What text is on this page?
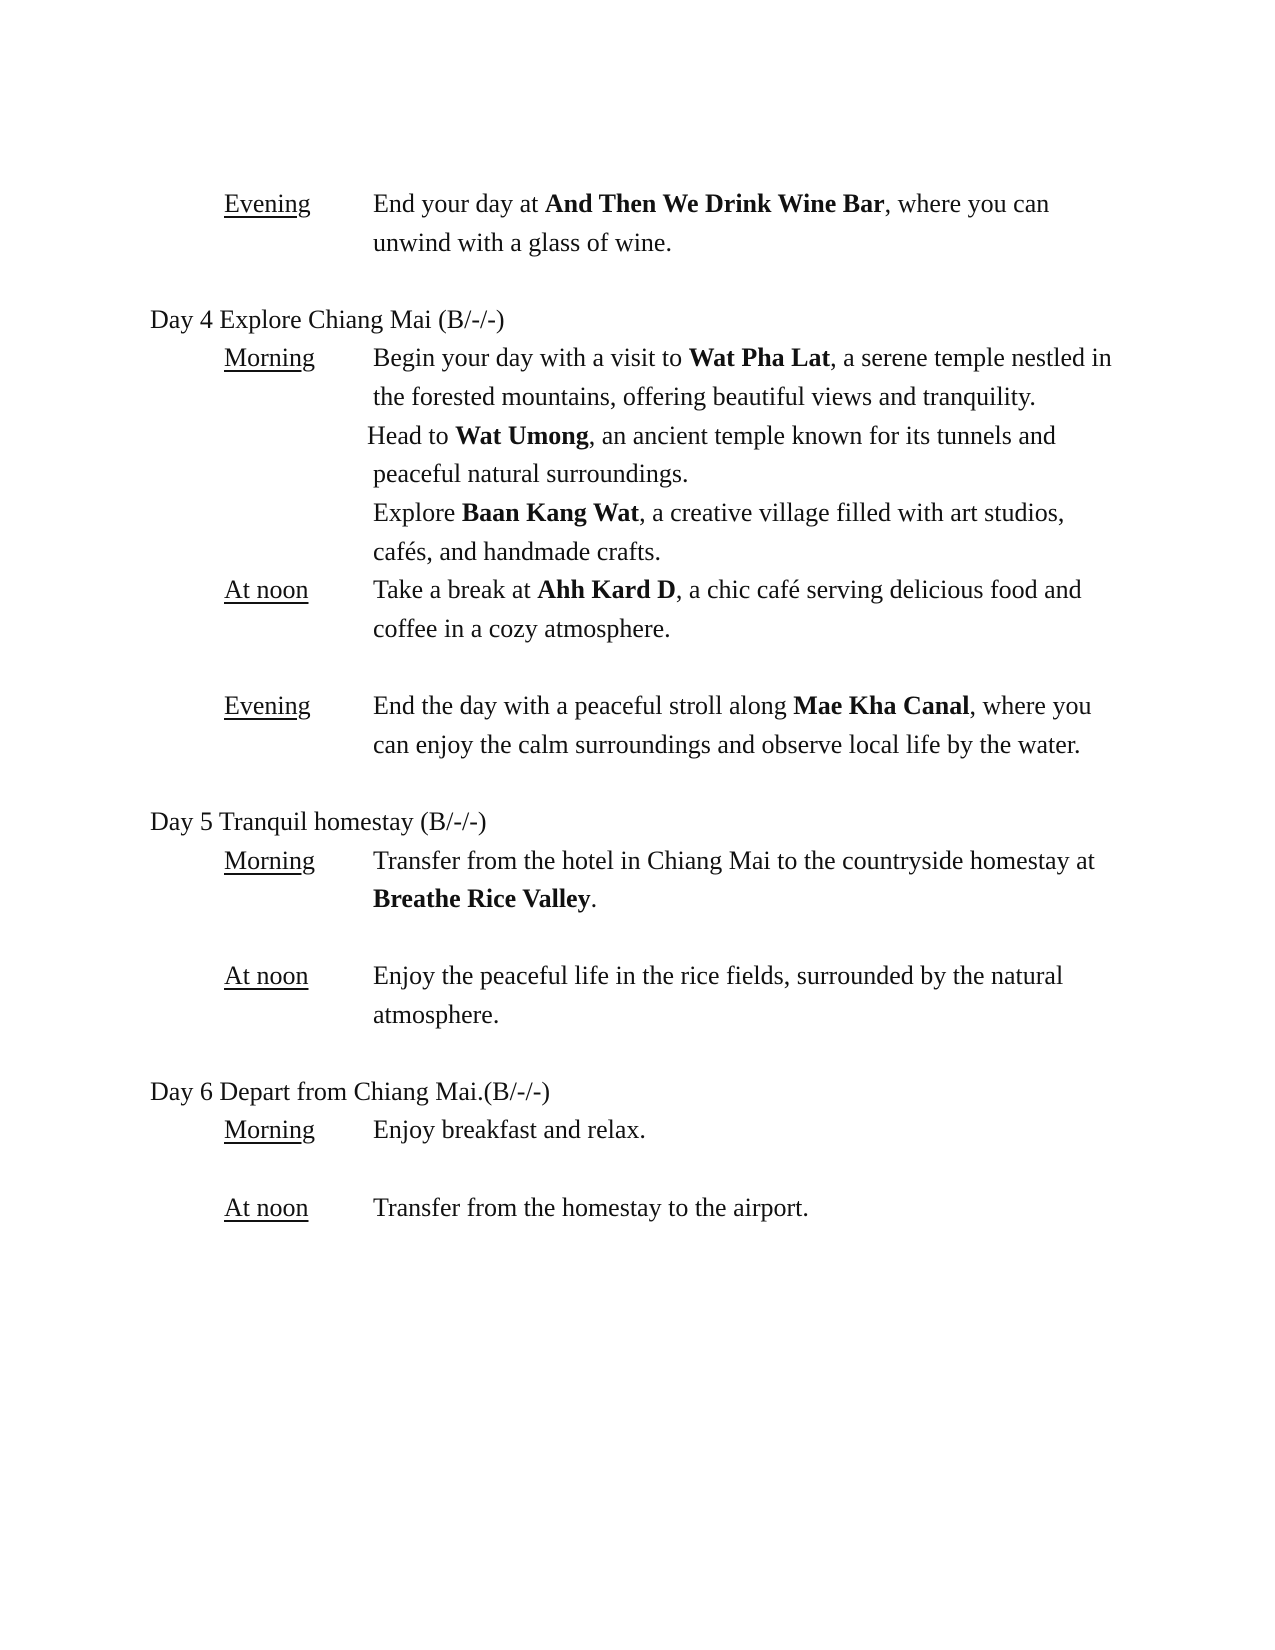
Evening End your day at And Then We Drink Wine Bar, where you can
unwind with a glass of wine.
Day 4 Explore Chiang Mai (B/-/-)
Morning Begin your day with a visit to Wat Pha Lat, a serene temple nestled in
the forested mountains, offering beautiful views and tranquility.
Head to Wat Umong, an ancient temple known for its tunnels and
peaceful natural surroundings.
Explore Baan Kang Wat, a creative village filled with art studios,
cafés, and handmade crafts.
At noon Take a break at Ahh Kard D, a chic café serving delicious food and
coffee in a cozy atmosphere.
Evening End the day with a peaceful stroll along Mae Kha Canal, where you
can enjoy the calm surroundings and observe local life by the water.
Day 5 Tranquil homestay (B/-/-)
Morning Transfer from the hotel in Chiang Mai to the countryside homestay at
Breathe Rice Valley.
At noon Enjoy the peaceful life in the rice fields, surrounded by the natural
atmosphere.
Day 6 Depart from Chiang Mai.(B/-/-)
Morning Enjoy breakfast and relax.
At noon Transfer from the homestay to the airport.
